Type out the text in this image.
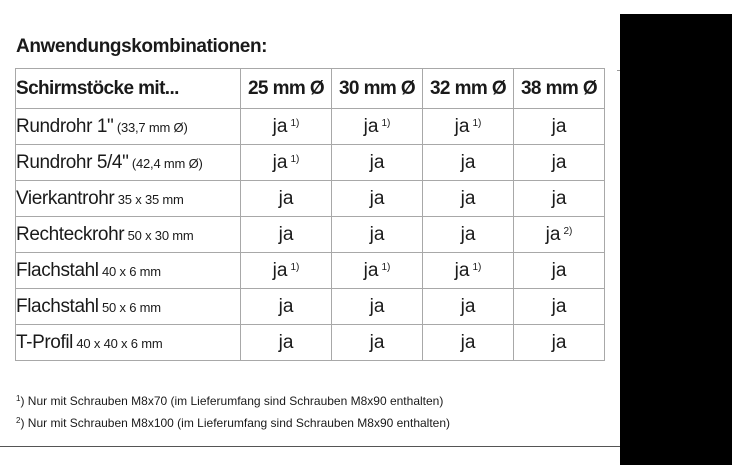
Anwendungskombinationen:
Schirmstöcke mit...	25 mm Ø	30 mm Ø	32 mm Ø	38 mm Ø
Rundrohr 1" (33,7 mm Ø)	ja $^{1)}$	ja $^{1)}$	ja $^{1)}$	ja
Rundrohr 5/4" (42,4 mm Ø)	ja $^{1)}$	ja	ja	ja
Vierkantrohr 35 x 35 mm	ja	ja	ja	ja
Rechteckrohr 50 x 30 mm	ja	ja	ja	ja $^{2)}$
Flachstahl 40 x 6 mm	ja $^{1)}$	ja $^{1)}$	ja $^{1)}$	ja
Flachstahl 50 x 6 mm	ja	ja	ja	ja
T-Profil 40 x 40 x 6 mm	ja	ja	ja	ja
$^1$) Nur mit Schrauben M8x70 (im Lieferumfang sind Schrauben M8x90 enthalten)
$^2$) Nur mit Schrauben M8x100 (im Lieferumfang sind Schrauben M8x90 enthalten)
